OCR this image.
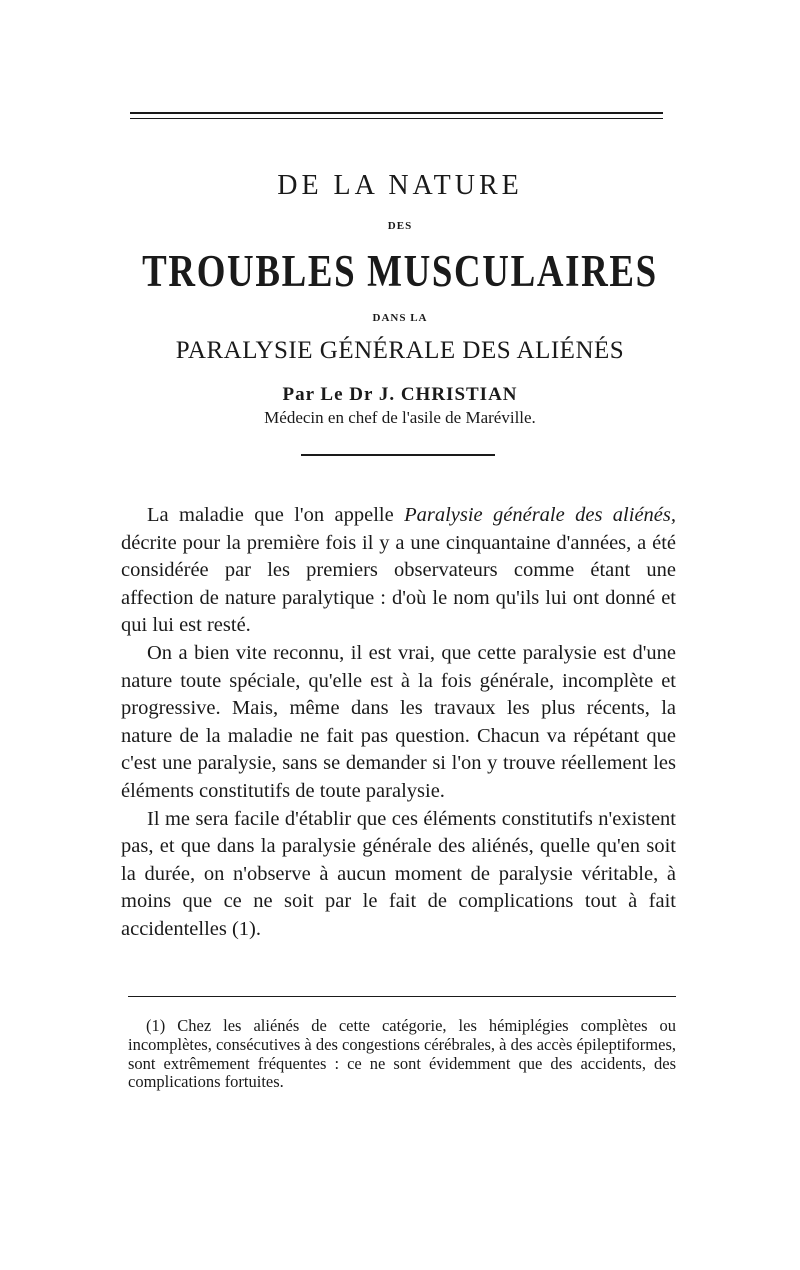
DE LA NATURE
DES
TROUBLES MUSCULAIRES
DANS LA
PARALYSIE GÉNÉRALE DES ALIÉNÉS
Par Le Dr J. CHRISTIAN
Médecin en chef de l'asile de Maréville.

La maladie que l'on appelle Paralysie générale des aliénés, décrite pour la première fois il y a une cinquantaine d'années, a été considérée par les premiers observateurs comme étant une affection de nature paralytique : d'où le nom qu'ils lui ont donné et qui lui est resté.

On a bien vite reconnu, il est vrai, que cette paralysie est d'une nature toute spéciale, qu'elle est à la fois générale, incomplète et progressive. Mais, même dans les travaux les plus récents, la nature de la maladie ne fait pas question. Chacun va répétant que c'est une paralysie, sans se demander si l'on y trouve réellement les éléments constitutifs de toute paralysie.

Il me sera facile d'établir que ces éléments constitutifs n'existent pas, et que dans la paralysie générale des aliénés, quelle qu'en soit la durée, on n'observe à aucun moment de paralysie véritable, à moins que ce ne soit par le fait de complications tout à fait accidentelles (1).

(1) Chez les aliénés de cette catégorie, les hémiplégies complètes ou incomplètes, consécutives à des congestions cérébrales, à des accès épileptiformes, sont extrêmement fréquentes : ce ne sont évidemment que des accidents, des complications fortuites.
